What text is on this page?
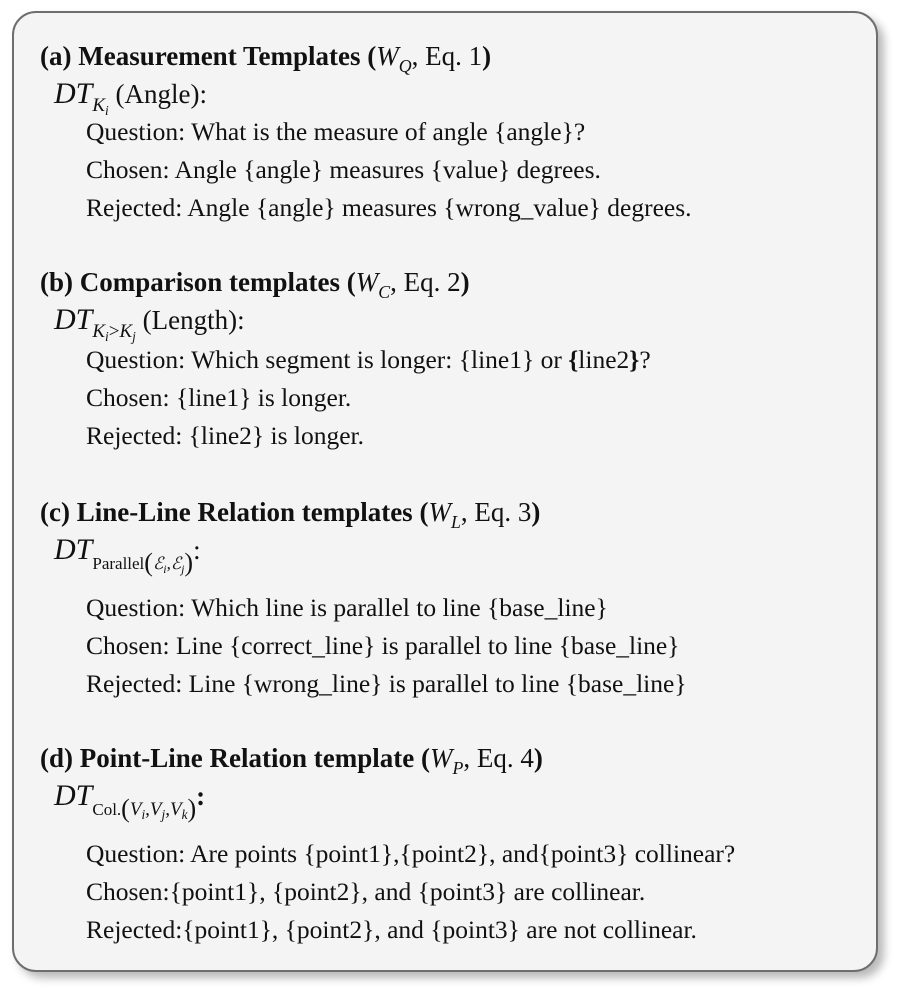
(a) Measurement Templates ($W_Q$, Eq. 1)
$DT_{K_i}$ (Angle):
Question: What is the measure of angle {angle}?
Chosen: Angle {angle} measures {value} degrees.
Rejected: Angle {angle} measures {wrong_value} degrees.
(b) Comparison templates ($W_C$, Eq. 2)
$DT_{K_i>K_j}$ (Length):
Question: Which segment is longer: {line1} or {line2}?
Chosen: {line1} is longer.
Rejected: {line2} is longer.
(c) Line-Line Relation templates ($W_L$, Eq. 3)
$DT_{Parallel}(_{ℰ_i,ℰ_j})$:
Question: Which line is parallel to line {base_line}
Chosen: Line {correct_line} is parallel to line {base_line}
Rejected: Line {wrong_line} is parallel to line {base_line}
(d) Point-Line Relation template ($W_P$, Eq. 4)
$DT_{Col.}(_{V_i,V_j,V_k})$:
Question: Are points {point1},{point2}, and{point3} collinear?
Chosen:{point1}, {point2}, and {point3} are collinear.
Rejected:{point1}, {point2}, and {point3} are not collinear.
